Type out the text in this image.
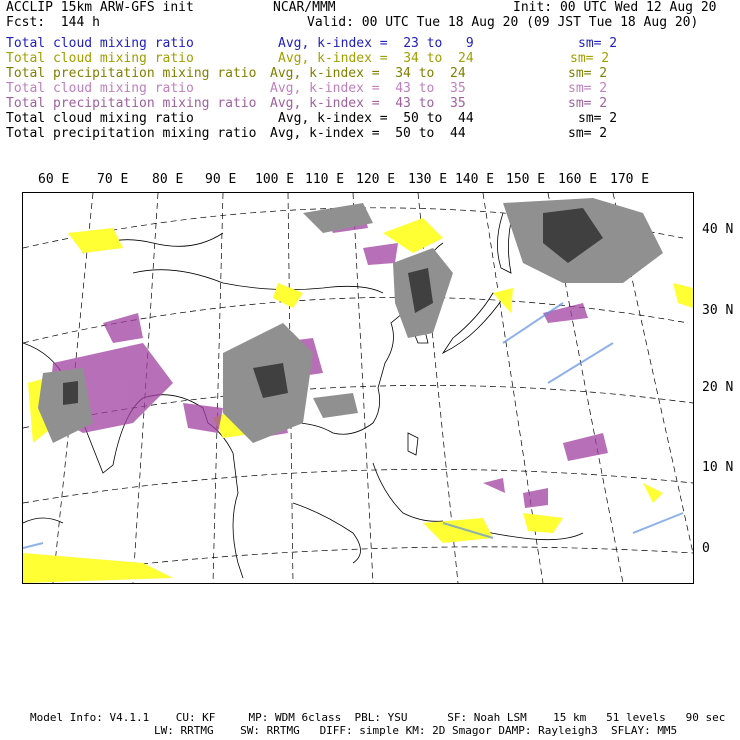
ACCLIP 15km ARW-GFS init	NCAR/MMM	Init: 00 UTC Wed 12 Aug 20
Fcst:  144 h	Valid: 00 UTC Tue 18 Aug 20 (09 JST Tue 18 Aug 20)
Total cloud mixing ratio	Avg, k-index =  23 to   9	sm= 2
Total cloud mixing ratio	Avg, k-index =  34 to  24	sm= 2
Total precipitation mixing ratio Avg, k-index =  34 to  24	sm= 2
Total cloud mixing ratio	Avg, k-index =  43 to  35	sm= 2
Total precipitation mixing ratio Avg, k-index =  43 to  35	sm= 2
Total cloud mixing ratio	Avg, k-index =  50 to  44	sm= 2
Total precipitation mixing ratio Avg, k-index =  50 to  44	sm= 2
60 E 70 E 80 E 90 E 100 E 110 E 120 E 130 E 140 E 150 E 160 E 170 E
40 N
30 N
20 N
10 N
0
Model Info: V4.1.1    CU: KF     MP: WDM 6class  PBL: YSU      SF: Noah LSM    15 km   51 levels   90 sec
LW: RRTMG    SW: RRTMG   DIFF: simple KM: 2D Smagor DAMP: Rayleigh3  SFLAY: MM5
